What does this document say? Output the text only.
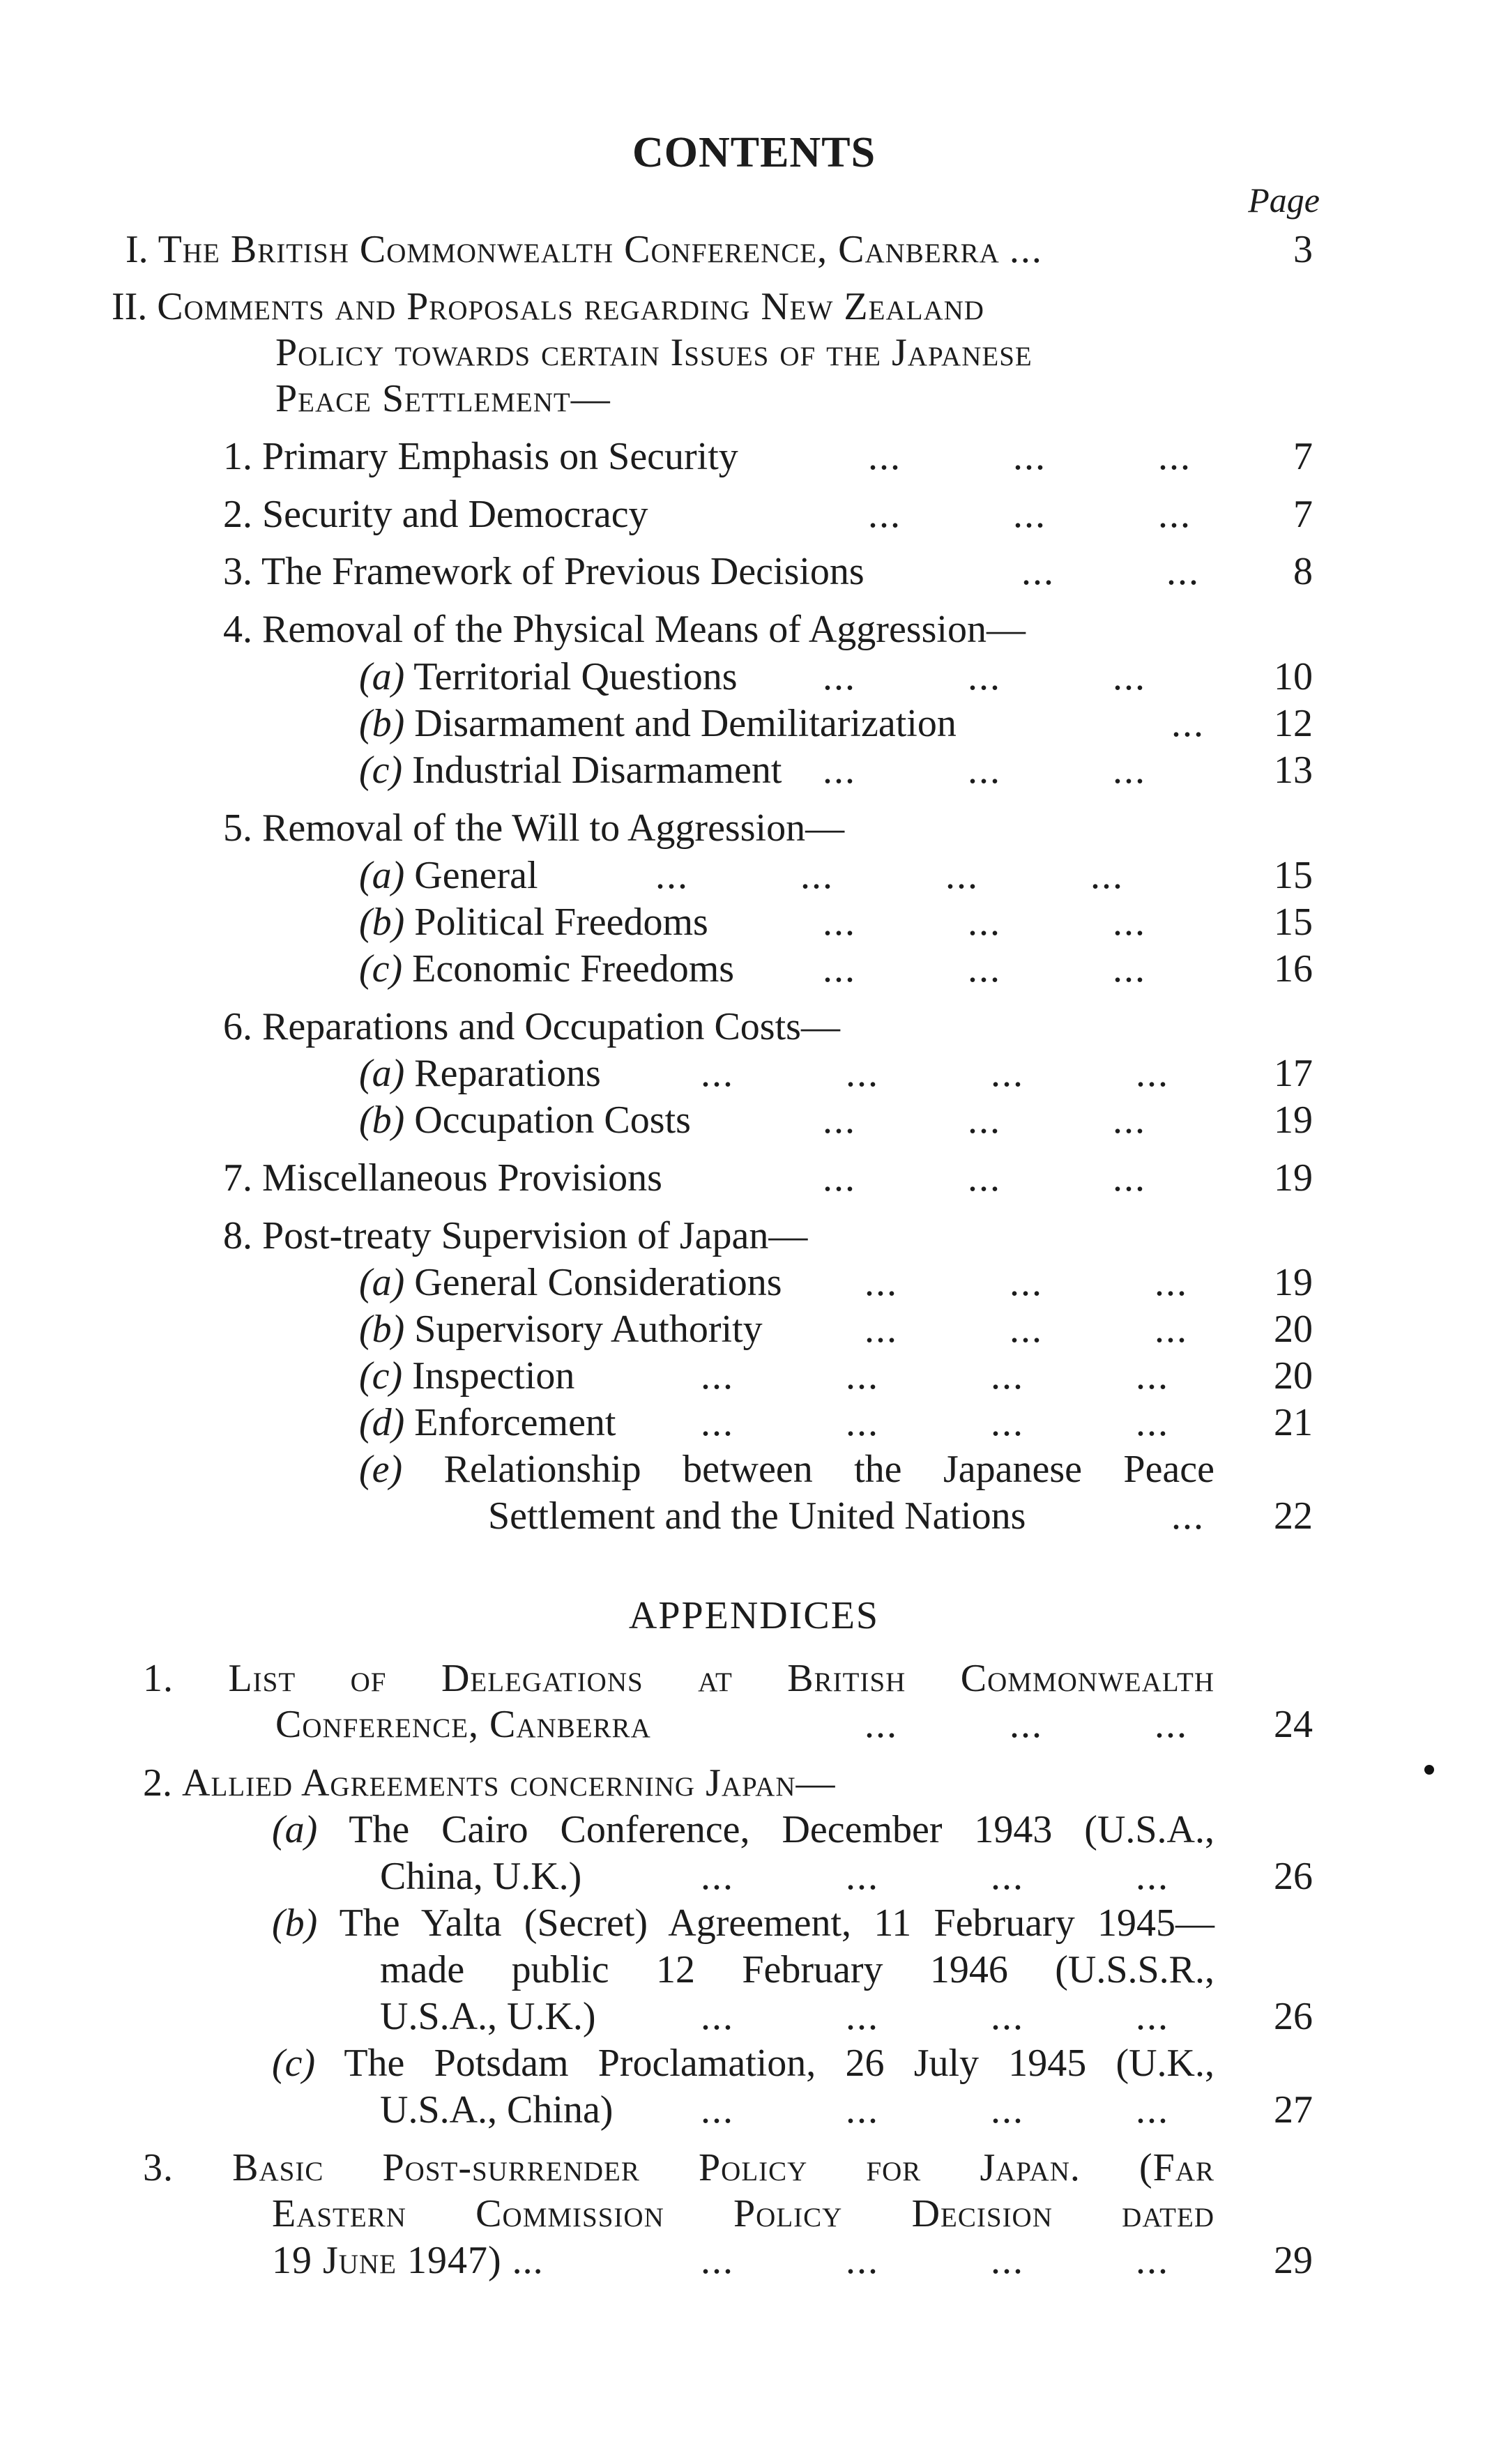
CONTENTS
Page
I. The British Commonwealth Conference, Canberra ...	3
II. Comments and Proposals regarding New Zealand
Policy towards certain Issues of the Japanese
Peace Settlement—
1. Primary Emphasis on Security	...          ...          ...	7
2. Security and Democracy	...          ...          ...	7
3. The Framework of Previous Decisions	...          ... 8
4. Removal of the Physical Means of Aggression—
(a) Territorial Questions ...          ...          ...	10
(b) Disarmament and Demilitarization	... 12
(c) Industrial Disarmament ...          ...          ...	13
5. Removal of the Will to Aggression—
(a) General	...          ...          ...          ...	15
(b) Political Freedoms	...          ...          ...	15
(c) Economic Freedoms ...          ...          ...	16
6. Reparations and Occupation Costs—
(a) Reparations	...          ...          ...          ...	17
(b) Occupation Costs	...          ...          ...	19
7. Miscellaneous Provisions	...          ...          ...	19
8. Post-treaty Supervision of Japan—
(a) General Considerations ...          ...          ... 19
(b) Supervisory Authority	...          ...          ... 20
(c) Inspection	...          ...          ...          ...	20
(d) Enforcement ...          ...          ...          ...	21
(e) Relationship between the Japanese Peace
Settlement and the United Nations	... 22
APPENDICES
1. List of Delegations at British Commonwealth
Conference, Canberra	...          ...          ... 24
2. Allied Agreements concerning Japan—
(a) The Cairo Conference, December 1943 (U.S.A.,
China, U.K.)	...          ...          ...          ...	26
(b) The Yalta (Secret) Agreement, 11 February 1945—
made public 12 February 1946 (U.S.S.R.,
U.S.A., U.K.)	...          ...          ...          ...	26
(c) The Potsdam Proclamation, 26 July 1945 (U.K.,
U.S.A., China) ...          ...          ...          ...	27
3. Basic Post-surrender Policy for Japan. (Far
Eastern Commission Policy Decision dated
19 June 1947) ...	...          ...          ...          ...	29
